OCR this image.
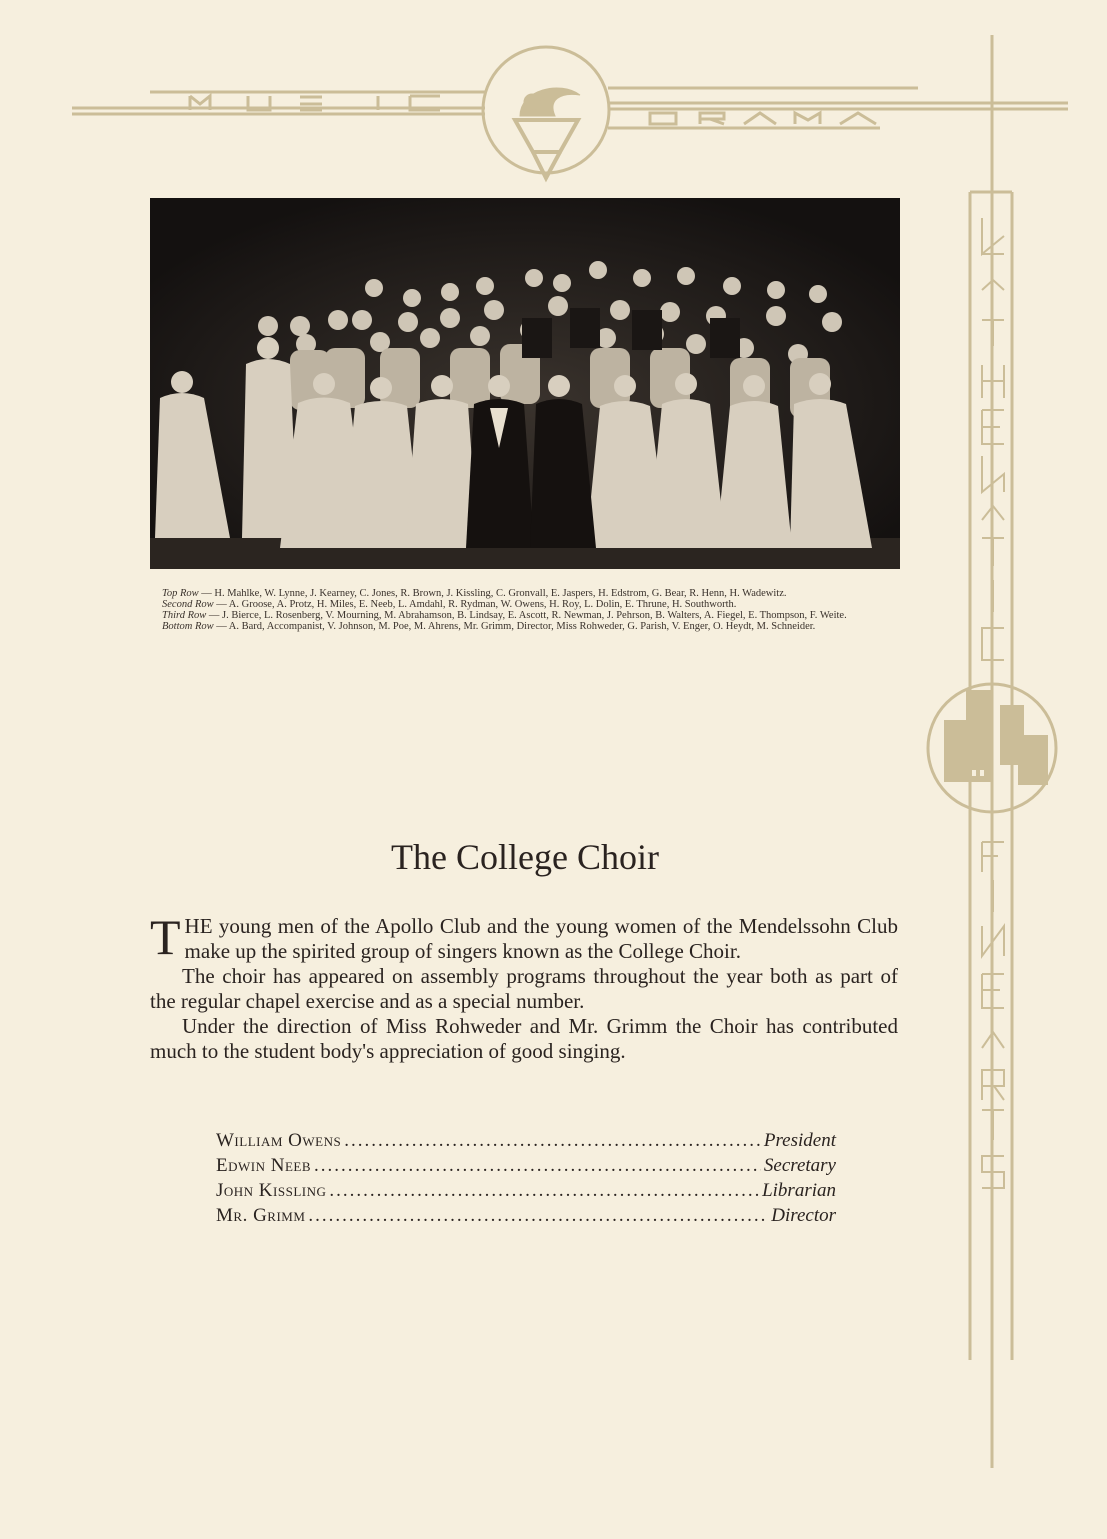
Top Row — H. Mahlke, W. Lynne, J. Kearney, C. Jones, R. Brown, J. Kissling, C. Gronvall, E. Jaspers, H. Edstrom, G. Bear, R. Henn, H. Wadewitz.

Second Row — A. Groose, A. Protz, H. Miles, E. Neeb, L. Amdahl, R. Rydman, W. Owens, H. Roy, L. Dolin, E. Thrune, H. Southworth.

Third Row — J. Bierce, L. Rosenberg, V. Mourning, M. Abrahamson, B. Lindsay, E. Ascott, R. Newman, J. Pehrson, B. Walters, A. Fiegel, E. Thompson, F. Weite.

Bottom Row — A. Bard, Accompanist, V. Johnson, M. Poe, M. Ahrens, Mr. Grimm, Director, Miss Rohweder, G. Parish, V. Enger, O. Heydt, M. Schneider.

The College Choir

THE young men of the Apollo Club and the young women of the Mendelssohn Club make up the spirited group of singers known as the College Choir.

The choir has appeared on assembly programs throughout the year both as part of the regular chapel exercise and as a special number.

Under the direction of Miss Rohweder and Mr. Grimm the Choir has contributed much to the student body's appreciation of good singing.

William Owens .....	President
Edwin Neeb .....	Secretary
John Kissling .....	Librarian
Mr. Grimm .....	Director
